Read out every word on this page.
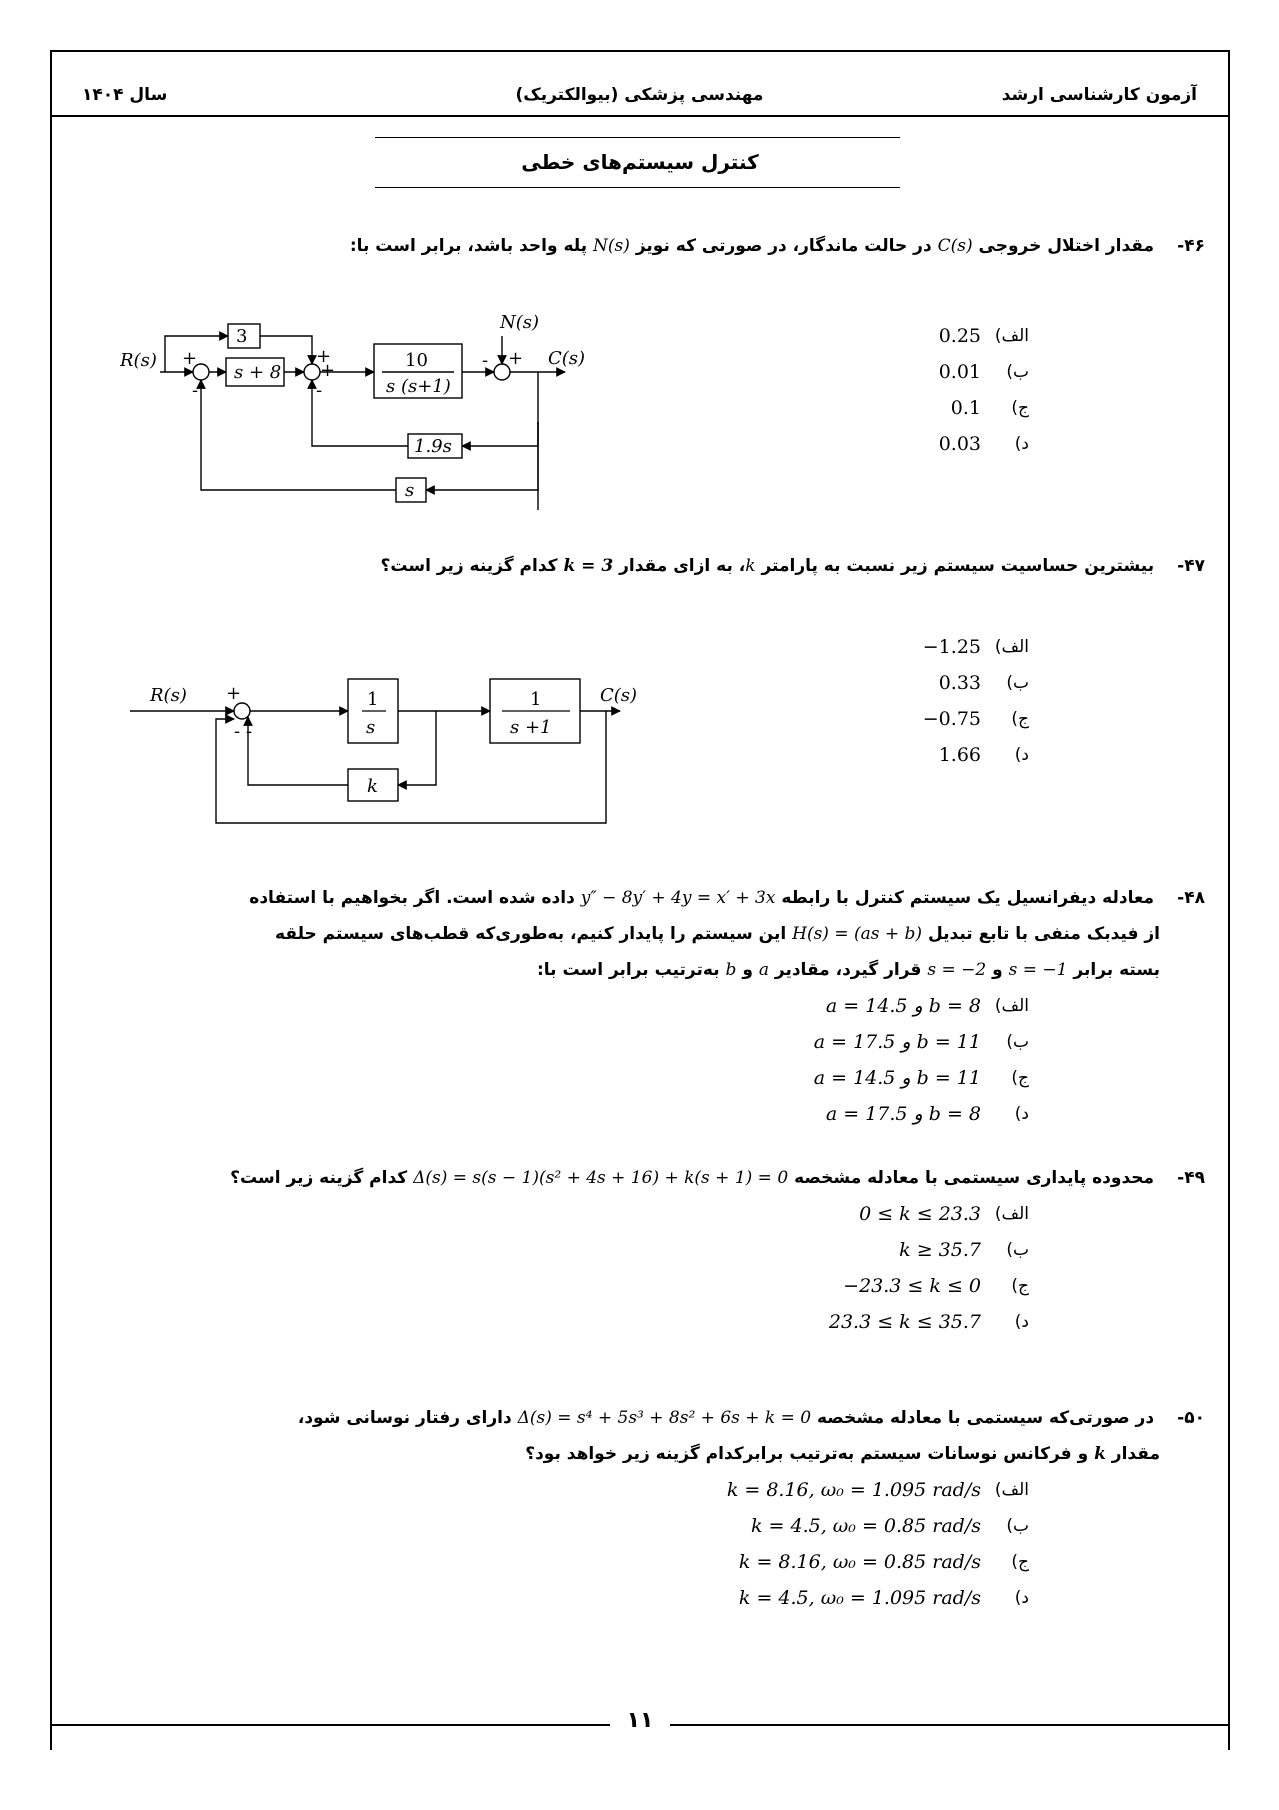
آزمون کارشناسی ارشد
مهندسی پزشکی (بیوالکتریک)
سال ۱۴۰۴
کنترل سیستم‌های خطی
۴۶- مقدار اختلال خروجی C(s) در حالت ماندگار، در صورتی که نویز N(s) پله واحد باشد، برابر است با:
R(s) +
-
3
s + 8
+
+
-
10
s (s+1)
- +
N(s)
C(s)
1.9s
s
الف)
0.25
ب)
0.01
ج)
0.1
د)
0.03
۴۷- بیشترین حساسیت سیستم زیر نسبت به پارامتر k، به ازای مقدار k = 3 کدام گزینه زیر است؟
R(s) +
- -
1
s
1
s +1
k
C(s)
الف)
−1.25
ب)
0.33
ج)
−0.75
د)
1.66
۴۸- معادله دیفرانسیل یک سیستم کنترل با رابطه y″ − 8y′ + 4y = x′ + 3x داده شده است. اگر بخواهیم با استفاده
از فیدبک منفی با تابع تبدیل H(s) = (as + b) این سیستم را پایدار کنیم، به‌طوری‌که قطب‌های سیستم حلقه
بسته برابر s = −1 و s = −2 قرار گیرد، مقادیر a و b به‌ترتیب برابر است با:
الف)
a = 14.5 و b = 8
ب)
a = 17.5 و b = 11
ج)
a = 14.5 و b = 11
د)
a = 17.5 و b = 8
۴۹- محدوده پایداری سیستمی با معادله مشخصه Δ(s) = s(s − 1)(s² + 4s + 16) + k(s + 1) = 0 کدام گزینه زیر است؟
الف)
0 ≤ k ≤ 23.3
ب)
k ≥ 35.7
ج)
−23.3 ≤ k ≤ 0
د)
23.3 ≤ k ≤ 35.7
۵۰- در صورتی‌که سیستمی با معادله مشخصه Δ(s) = s⁴ + 5s³ + 8s² + 6s + k = 0 دارای رفتار نوسانی شود،
مقدار k و فرکانس نوسانات سیستم به‌ترتیب برابرکدام گزینه زیر خواهد بود؟
الف)
k = 8.16, ω₀ = 1.095 rad/s
ب)
k = 4.5, ω₀ = 0.85 rad/s
ج)
k = 8.16, ω₀ = 0.85 rad/s
د)
k = 4.5, ω₀ = 1.095 rad/s
۱۱
